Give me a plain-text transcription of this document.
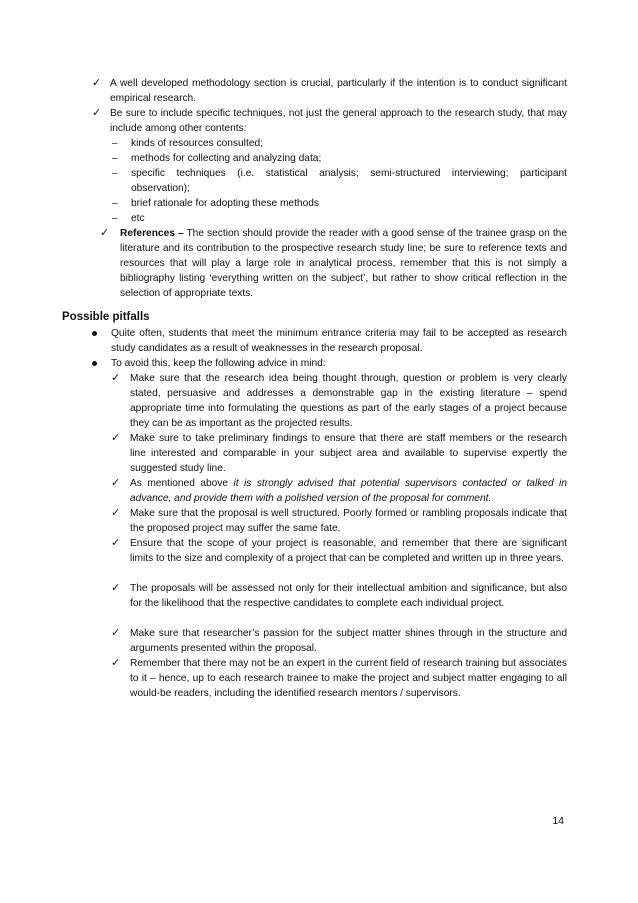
✓ A well developed methodology section is crucial, particularly if the intention is to conduct significant empirical research.
✓ Be sure to include specific techniques, not just the general approach to the research study, that may include among other contents:
– kinds of resources consulted;
– methods for collecting and analyzing data;
– specific techniques (i.e. statistical analysis; semi-structured interviewing; participant observation);
– brief rationale for adopting these methods
– etc
✓ References – The section should provide the reader with a good sense of the trainee grasp on the literature and its contribution to the prospective research study line; be sure to reference texts and resources that will play a large role in analytical process, remember that this is not simply a bibliography listing ‘everything written on the subject’, but rather to show critical reflection in the selection of appropriate texts.
Possible pitfalls
Quite often, students that meet the minimum entrance criteria may fail to be accepted as research study candidates as a result of weaknesses in the research proposal.
To avoid this, keep the following advice in mind:
✓ Make sure that the research idea being thought through, question or problem is very clearly stated, persuasive and addresses a demonstrable gap in the existing literature – spend appropriate time into formulating the questions as part of the early stages of a project because they can be as important as the projected results.
✓ Make sure to take preliminary findings to ensure that there are staff members or the research line interested and comparable in your subject area and available to supervise expertly the suggested study line.
✓ As mentioned above it is strongly advised that potential supervisors contacted or talked in advance, and provide them with a polished version of the proposal for comment.
✓ Make sure that the proposal is well structured. Poorly formed or rambling proposals indicate that the proposed project may suffer the same fate.
✓ Ensure that the scope of your project is reasonable, and remember that there are significant limits to the size and complexity of a project that can be completed and written up in three years.
✓ The proposals will be assessed not only for their intellectual ambition and significance, but also for the likelihood that the respective candidates to complete each individual project.
✓ Make sure that researcher’s passion for the subject matter shines through in the structure and arguments presented within the proposal.
✓ Remember that there may not be an expert in the current field of research training but associates to it – hence, up to each research trainee to make the project and subject matter engaging to all would-be readers, including the identified research mentors / supervisors.
14
